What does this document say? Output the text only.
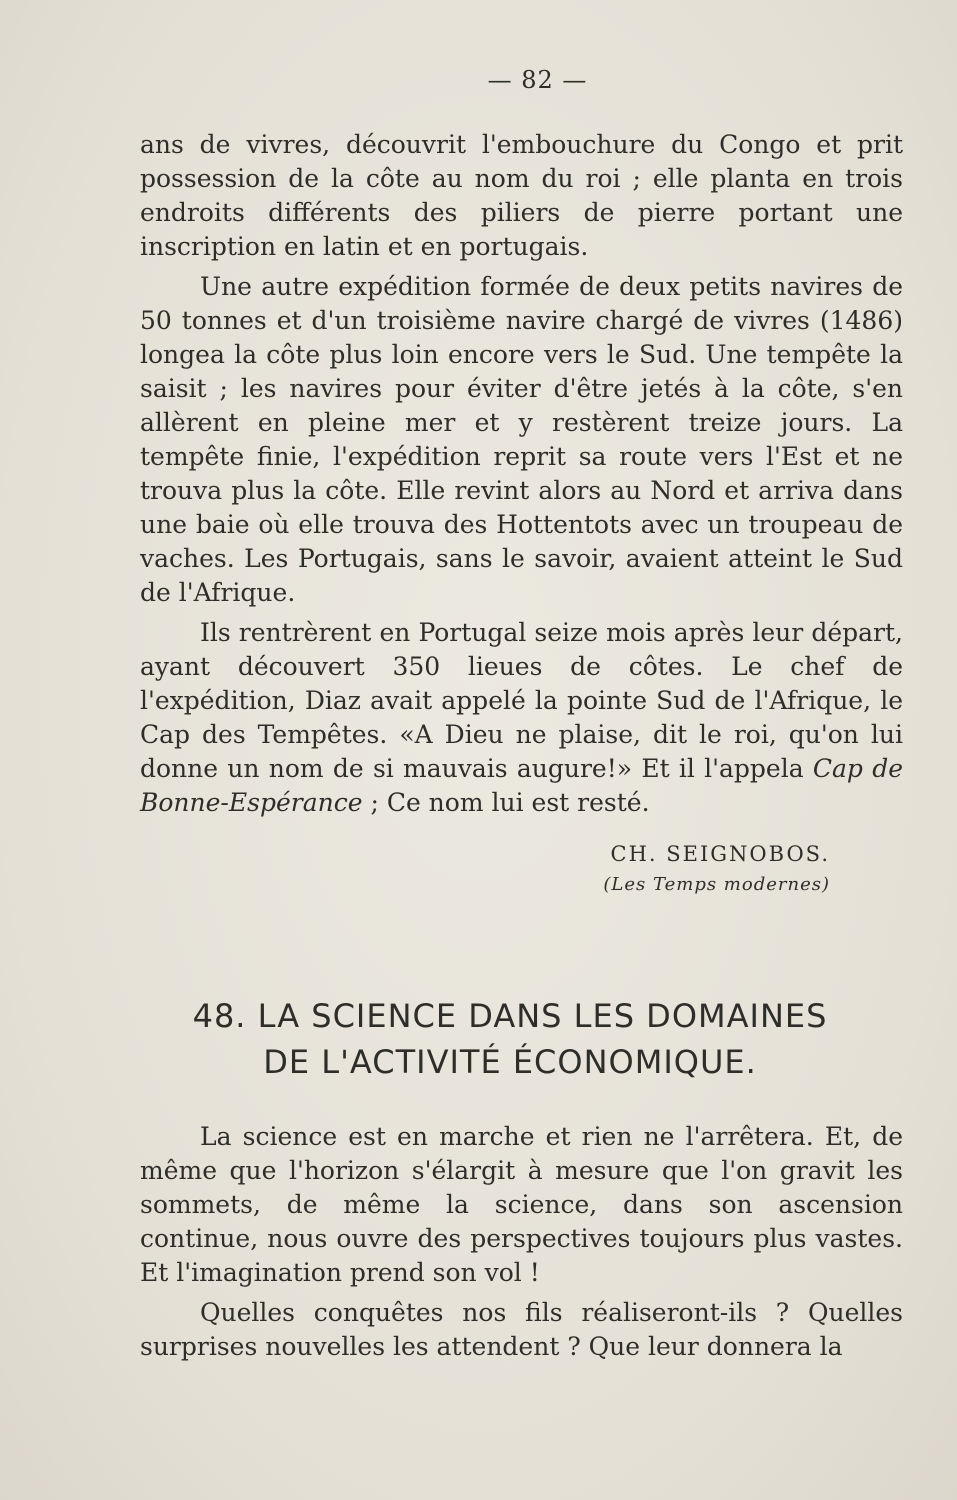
— 82 —

ans de vivres, découvrit l'embouchure du Congo et prit possession de la côte au nom du roi ; elle planta en trois endroits différents des piliers de pierre portant une inscription en latin et en portugais.

Une autre expédition formée de deux petits navires de 50 tonnes et d'un troisième navire chargé de vivres (1486) longea la côte plus loin encore vers le Sud. Une tempête la saisit ; les navires pour éviter d'être jetés à la côte, s'en allèrent en pleine mer et y restèrent treize jours. La tempête finie, l'expédition reprit sa route vers l'Est et ne trouva plus la côte. Elle revint alors au Nord et arriva dans une baie où elle trouva des Hottentots avec un troupeau de vaches. Les Portugais, sans le savoir, avaient atteint le Sud de l'Afrique.

Ils rentrèrent en Portugal seize mois après leur départ, ayant découvert 350 lieues de côtes. Le chef de l'expédition, Diaz avait appelé la pointe Sud de l'Afrique, le Cap des Tempêtes. «A Dieu ne plaise, dit le roi, qu'on lui donne un nom de si mauvais augure!» Et il l'appela Cap de Bonne-Espérance ; Ce nom lui est resté.

CH. SEIGNOBOS.
(Les Temps modernes)
48. LA SCIENCE DANS LES DOMAINES
DE L'ACTIVITÉ ÉCONOMIQUE.

La science est en marche et rien ne l'arrêtera. Et, de même que l'horizon s'élargit à mesure que l'on gravit les sommets, de même la science, dans son ascension continue, nous ouvre des perspectives toujours plus vastes. Et l'imagination prend son vol !

Quelles conquêtes nos fils réaliseront-ils ? Quelles surprises nouvelles les attendent ? Que leur donnera la
